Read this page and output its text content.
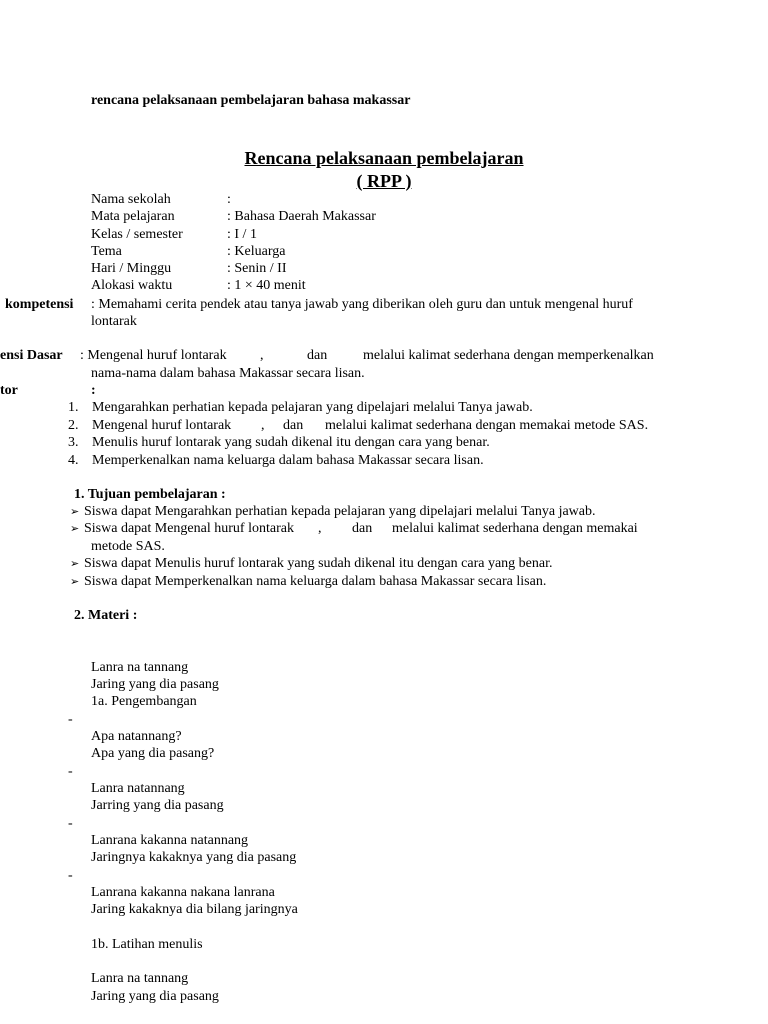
rencana pelaksanaan pembelajaran bahasa makassar
Rencana pelaksanaan pembelajaran
( RPP )
Nama sekolah	:
Mata pelajaran	: Bahasa Daerah Makassar
Kelas / semester	: I / 1
Tema	: Keluarga
Hari / Minggu	: Senin / II
Alokasi waktu	: 1 × 40 menit
kompetensi : Memahami cerita pendek atau tanya jawab yang diberikan oleh guru dan untuk mengenal huruf
lontarak
ensi Dasar : Mengenal huruf lontarak ,	dan	melalui kalimat sederhana dengan memperkenalkan
nama-nama dalam bahasa Makassar secara lisan.
tor	:
1. Mengarahkan perhatian kepada pelajaran yang dipelajari melalui Tanya jawab.
2. Mengenal huruf lontarak , dan melalui kalimat sederhana dengan memakai metode SAS.
3. Menulis huruf lontarak yang sudah dikenal itu dengan cara yang benar.
4. Memperkenalkan nama keluarga dalam bahasa Makassar secara lisan.
1. Tujuan pembelajaran :
➢ Siswa dapat Mengarahkan perhatian kepada pelajaran yang dipelajari melalui Tanya jawab.
➢ Siswa dapat Mengenal huruf lontarak , dan melalui kalimat sederhana dengan memakai
metode SAS.
➢ Siswa dapat Menulis huruf lontarak yang sudah dikenal itu dengan cara yang benar.
➢ Siswa dapat Memperkenalkan nama keluarga dalam bahasa Makassar secara lisan.
2. Materi :
Lanra na tannang
Jaring yang dia pasang
1a. Pengembangan
-
Apa natannang?
Apa yang dia pasang?
-
Lanra natannang
Jarring yang dia pasang
-
Lanrana kakanna natannang
Jaringnya kakaknya yang dia pasang
-
Lanrana kakanna nakana lanrana
Jaring kakaknya dia bilang jaringnya
1b. Latihan menulis
Lanra na tannang
Jaring yang dia pasang
